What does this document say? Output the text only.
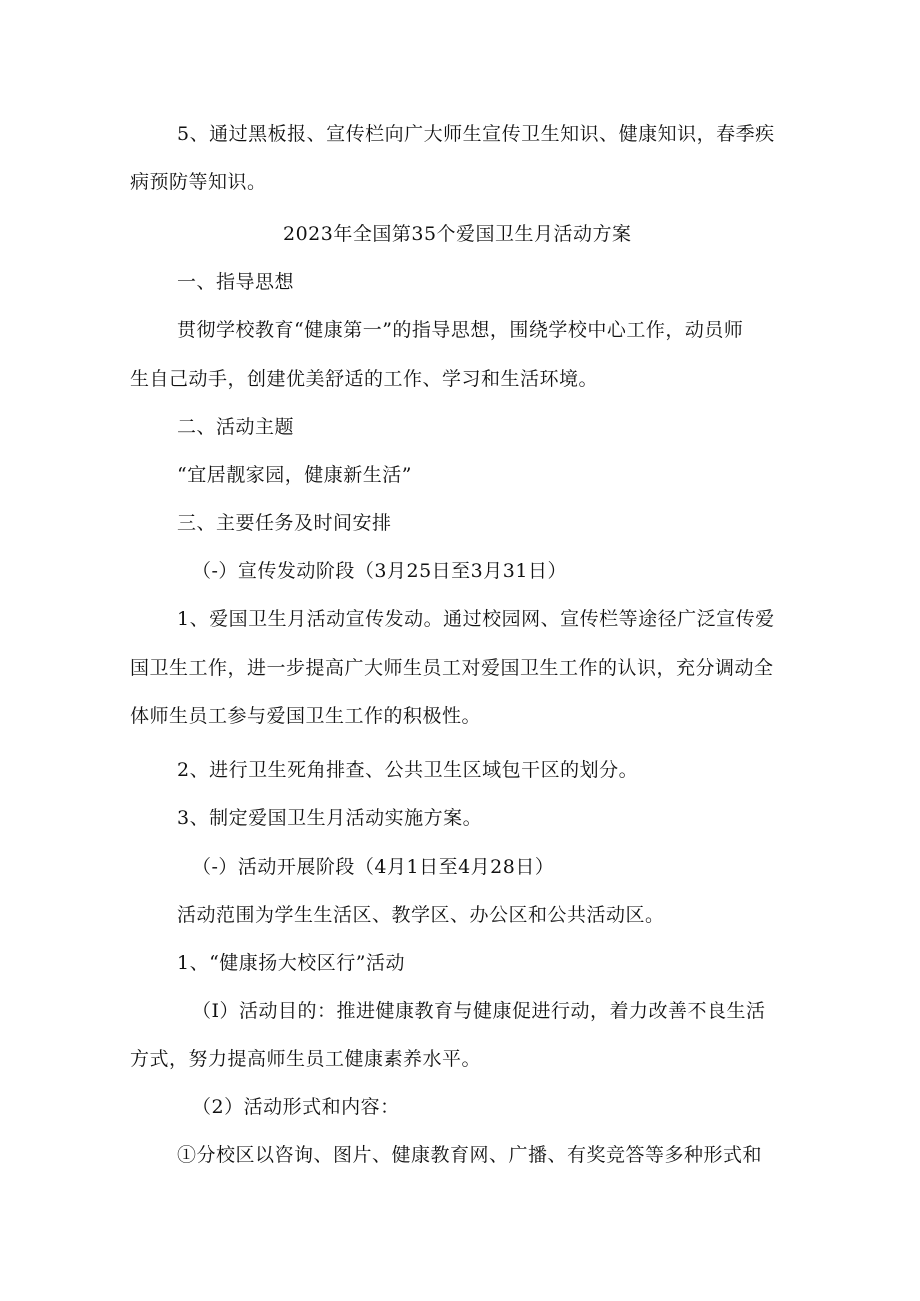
5、通过黑板报、宣传栏向广大师生宣传卫生知识、健康知识，春季疾
病预防等知识。
2023年全国第35个爱国卫生月活动方案
一、指导思想
贯彻学校教育“健康第一”的指导思想，围绕学校中心工作，动员师
生自己动手，创建优美舒适的工作、学习和生活环境。
二、活动主题
“宜居靓家园，健康新生活”
三、主要任务及时间安排
（-）宣传发动阶段（3月25日至3月31日）
1、爱国卫生月活动宣传发动。通过校园网、宣传栏等途径广泛宣传爱
国卫生工作，进一步提高广大师生员工对爱国卫生工作的认识，充分调动全
体师生员工参与爱国卫生工作的积极性。
2、进行卫生死角排查、公共卫生区域包干区的划分。
3、制定爱国卫生月活动实施方案。
（-）活动开展阶段（4月1日至4月28日）
活动范围为学生生活区、教学区、办公区和公共活动区。
1、“健康扬大校区行”活动
（I）活动目的：推进健康教育与健康促进行动，着力改善不良生活
方式，努力提高师生员工健康素养水平。
（2）活动形式和内容：
①分校区以咨询、图片、健康教育网、广播、有奖竞答等多种形式和
